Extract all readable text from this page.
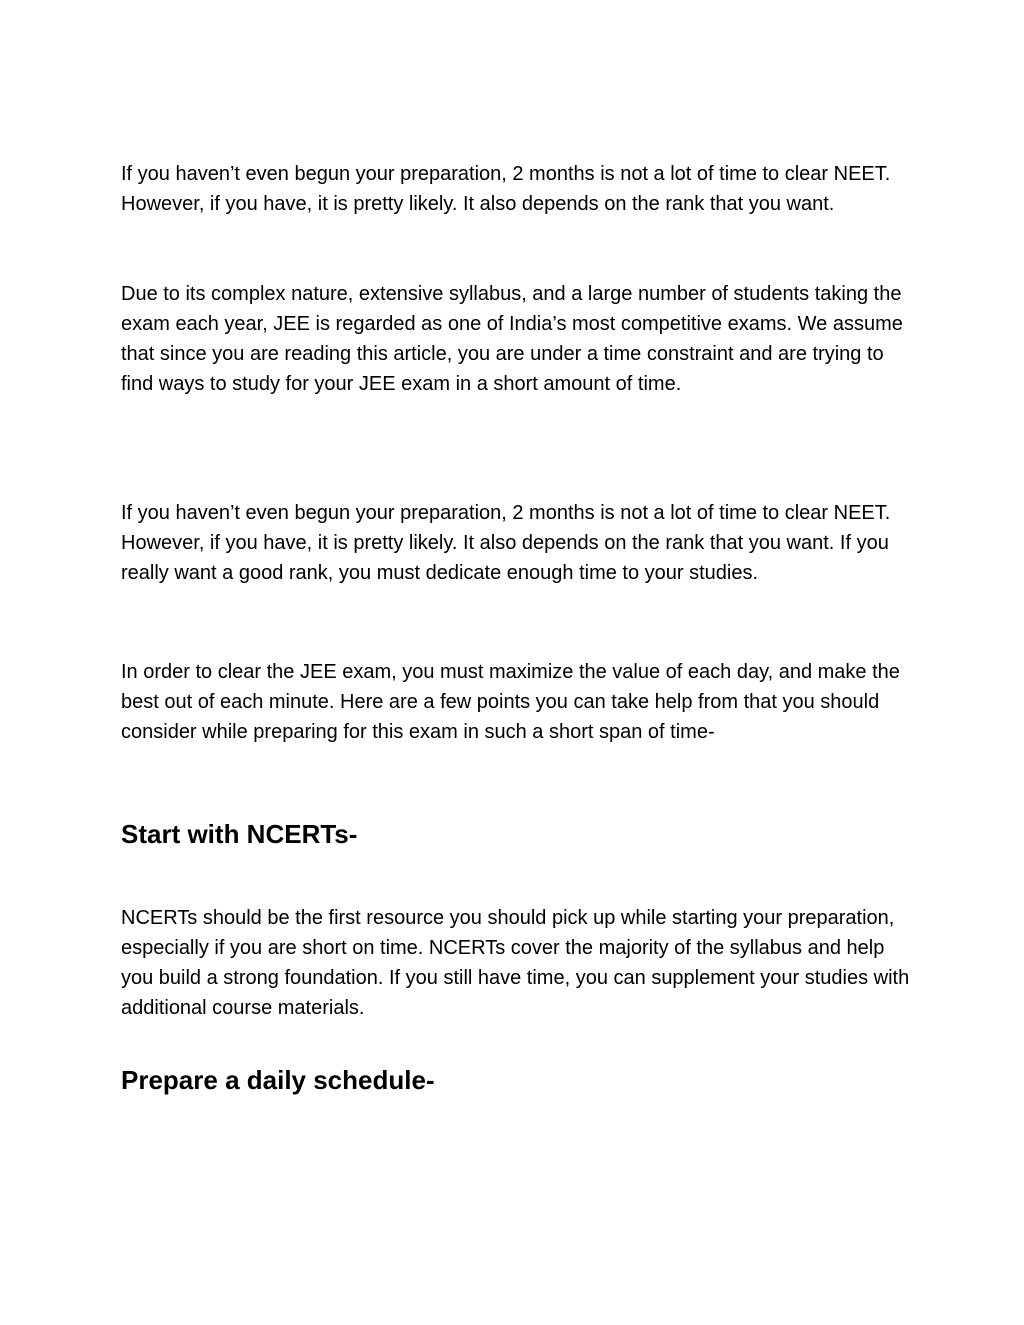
If you haven’t even begun your preparation, 2 months is not a lot of time to clear NEET. However, if you have, it is pretty likely. It also depends on the rank that you want.

Due to its complex nature, extensive syllabus, and a large number of students taking the exam each year, JEE is regarded as one of India’s most competitive exams. We assume that since you are reading this article, you are under a time constraint and are trying to find ways to study for your JEE exam in a short amount of time.

If you haven’t even begun your preparation, 2 months is not a lot of time to clear NEET. However, if you have, it is pretty likely. It also depends on the rank that you want. If you really want a good rank, you must dedicate enough time to your studies.

In order to clear the JEE exam, you must maximize the value of each day, and make the best out of each minute. Here are a few points you can take help from that you should consider while preparing for this exam in such a short span of time-

Start with NCERTs-

NCERTs should be the first resource you should pick up while starting your preparation, especially if you are short on time. NCERTs cover the majority of the syllabus and help you build a strong foundation. If you still have time, you can supplement your studies with additional course materials.

Prepare a daily schedule-
